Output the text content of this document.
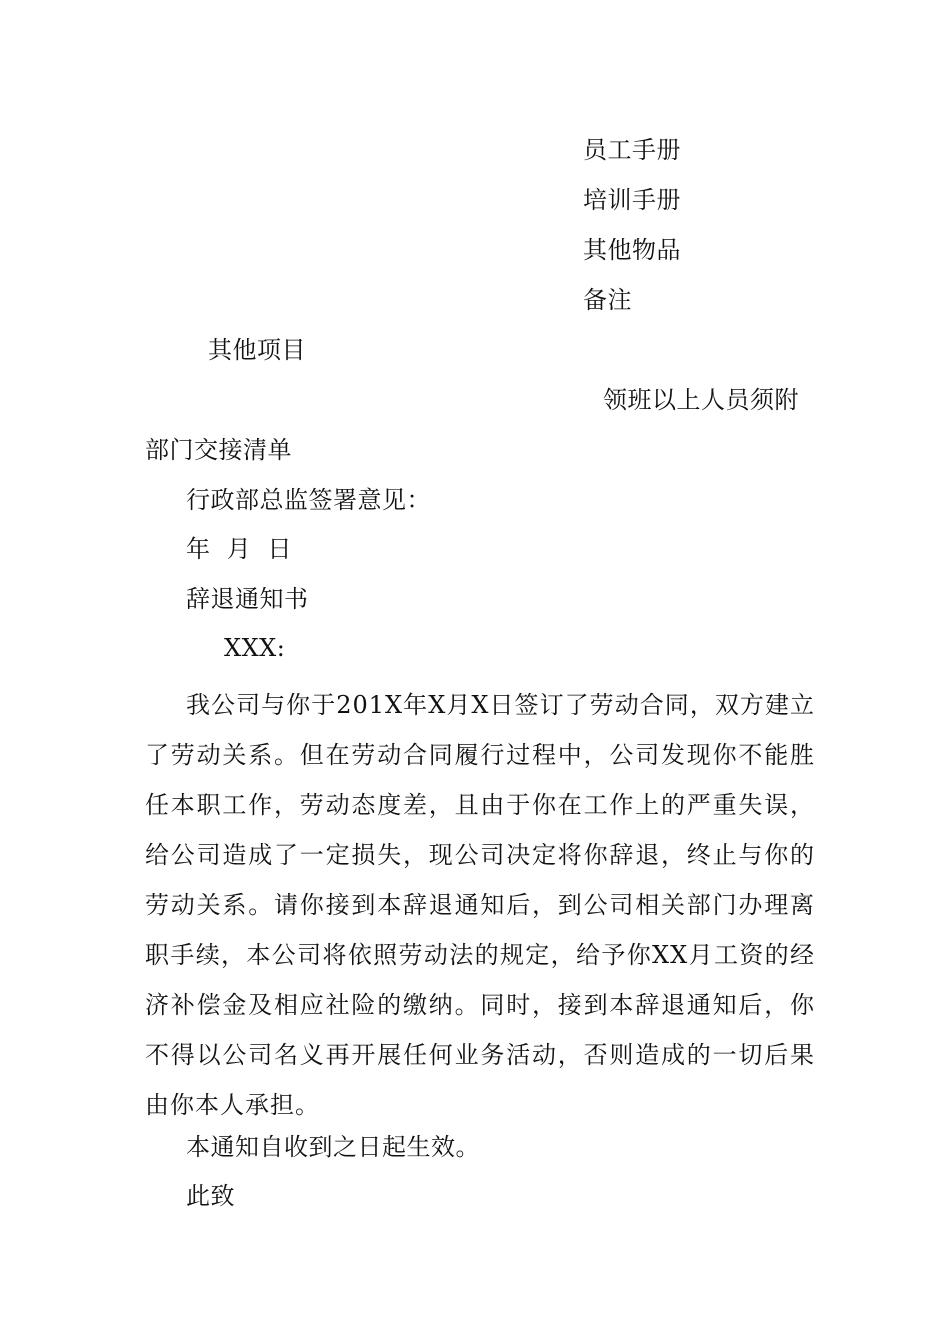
员工手册
培训手册
其他物品
备注
其他项目
领班以上人员须附
部门交接清单
行政部总监签署意见：
年  月  日
辞退通知书
XXX:
我公司与你于201X年X月X日签订了劳动合同，双方建立了劳动关系。但在劳动合同履行过程中，公司发现你不能胜任本职工作，劳动态度差，且由于你在工作上的严重失误，给公司造成了一定损失，现公司决定将你辞退，终止与你的劳动关系。请你接到本辞退通知后，到公司相关部门办理离职手续，本公司将依照劳动法的规定，给予你XX月工资的经济补偿金及相应社险的缴纳。同时，接到本辞退通知后，你不得以公司名义再开展任何业务活动，否则造成的一切后果由你本人承担。
本通知自收到之日起生效。
此致
